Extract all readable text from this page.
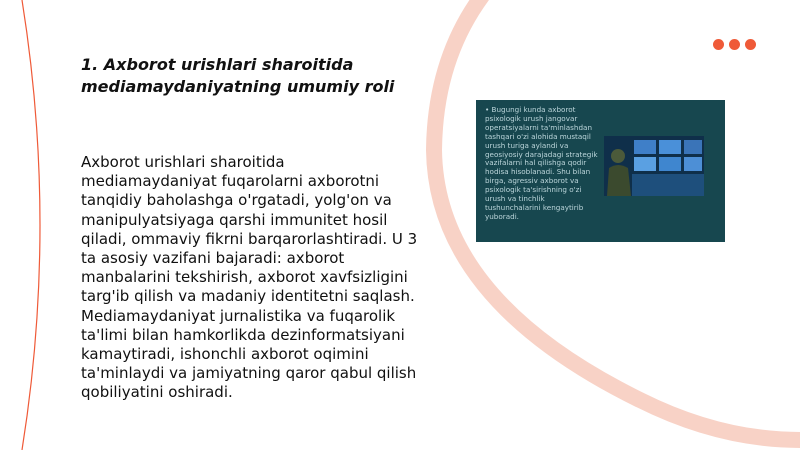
1. Axborot urishlari sharoitida mediamaydaniyatning umumiy roli

Axborot urishlari sharoitida mediamaydaniyat fuqarolarni axborotni tanqidiy baholashga o'rgatadi, yolg'on va manipulyatsiyaga qarshi immunitet hosil qiladi, ommaviy fikrni barqarorlashtiradi. U 3 ta asosiy vazifani bajaradi: axborot manbalarini tekshirish, axborot xavfsizligini targ'ib qilish va madaniy identitetni saqlash. Mediamaydaniyat jurnalistika va fuqarolik ta'limi bilan hamkorlikda dezinformatsiyani kamaytiradi, ishonchli axborot oqimini ta'minlaydi va jamiyatning qaror qabul qilish qobiliyatini oshiradi.

• Bugungi kunda axborot psixologik urush jangovar operatsiyalarni ta'minlashdan tashqari o'zi alohida mustaqil urush turiga aylandi va geosiyosiy darajadagi strategik vazifalarni hal qilishga qodir hodisa hisoblanadi. Shu bilan birga, agressiv axborot va psixologik ta'sirishning o'zi urush va tinchlik tushunchalarini kengaytirib yuboradi.
